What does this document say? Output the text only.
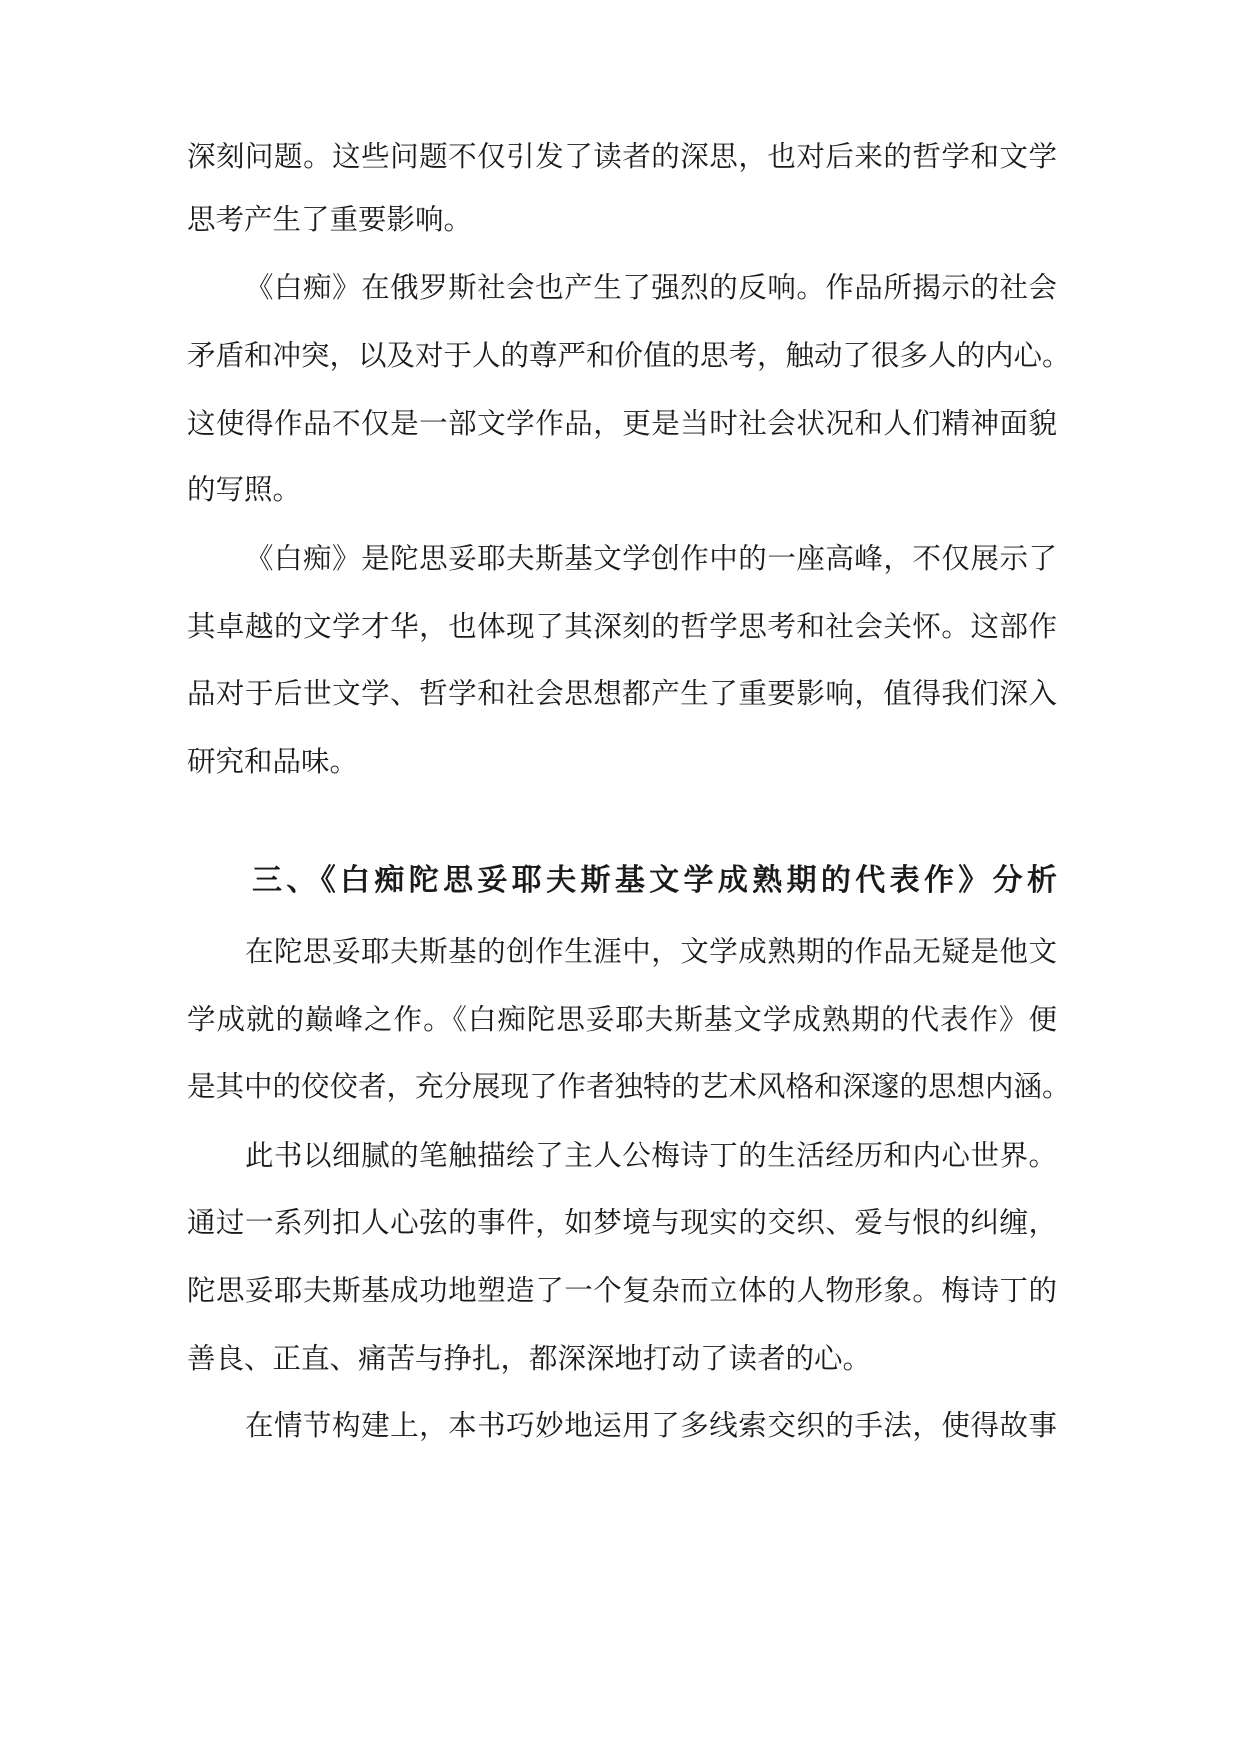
深刻问题。这些问题不仅引发了读者的深思，也对后来的哲学和文学
思考产生了重要影响。
《白痴》在俄罗斯社会也产生了强烈的反响。作品所揭示的社会
矛盾和冲突，以及对于人的尊严和价值的思考，触动了很多人的内心。
这使得作品不仅是一部文学作品，更是当时社会状况和人们精神面貌
的写照。
《白痴》是陀思妥耶夫斯基文学创作中的一座高峰，不仅展示了
其卓越的文学才华，也体现了其深刻的哲学思考和社会关怀。这部作
品对于后世文学、哲学和社会思想都产生了重要影响，值得我们深入
研究和品味。
三、《白痴陀思妥耶夫斯基文学成熟期的代表作》分析
在陀思妥耶夫斯基的创作生涯中，文学成熟期的作品无疑是他文
学成就的巅峰之作。《白痴陀思妥耶夫斯基文学成熟期的代表作》便
是其中的佼佼者，充分展现了作者独特的艺术风格和深邃的思想内涵。
此书以细腻的笔触描绘了主人公梅诗丁的生活经历和内心世界。
通过一系列扣人心弦的事件，如梦境与现实的交织、爱与恨的纠缠，
陀思妥耶夫斯基成功地塑造了一个复杂而立体的人物形象。梅诗丁的
善良、正直、痛苦与挣扎，都深深地打动了读者的心。
在情节构建上，本书巧妙地运用了多线索交织的手法，使得故事
